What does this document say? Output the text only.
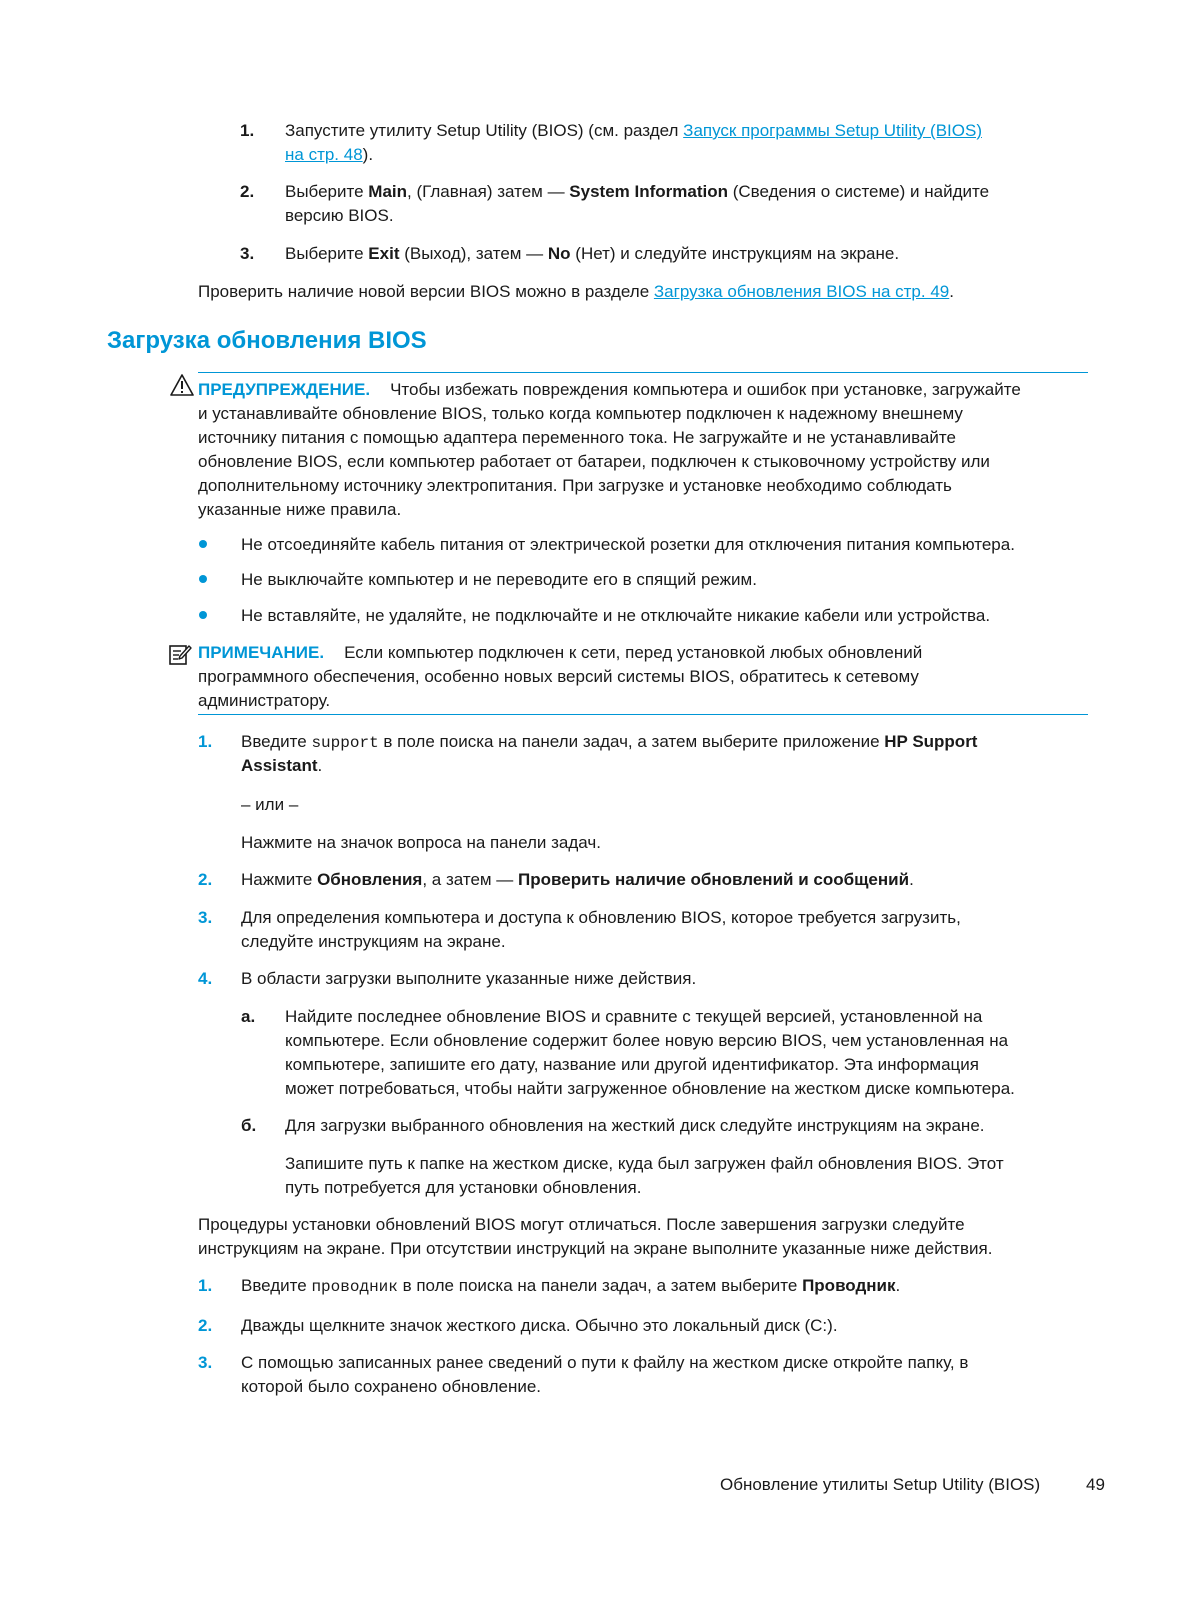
1. Запустите утилиту Setup Utility (BIOS) (см. раздел Запуск программы Setup Utility (BIOS)
на стр. 48).
2. Выберите Main, (Главная) затем — System Information (Сведения о системе) и найдите
версию BIOS.
3. Выберите Exit (Выход), затем — No (Нет) и следуйте инструкциям на экране.
Проверить наличие новой версии BIOS можно в разделе Загрузка обновления BIOS на стр. 49.
Загрузка обновления BIOS
ПРЕДУПРЕЖДЕНИЕ. Чтобы избежать повреждения компьютера и ошибок при установке, загружайте
и устанавливайте обновление BIOS, только когда компьютер подключен к надежному внешнему
источнику питания с помощью адаптера переменного тока. Не загружайте и не устанавливайте
обновление BIOS, если компьютер работает от батареи, подключен к стыковочному устройству или
дополнительному источнику электропитания. При загрузке и установке необходимо соблюдать
указанные ниже правила.
Не отсоединяйте кабель питания от электрической розетки для отключения питания компьютера.
Не выключайте компьютер и не переводите его в спящий режим.
Не вставляйте, не удаляйте, не подключайте и не отключайте никакие кабели или устройства.
ПРИМЕЧАНИЕ. Если компьютер подключен к сети, перед установкой любых обновлений
программного обеспечения, особенно новых версий системы BIOS, обратитесь к сетевому
администратору.
1. Введите support в поле поиска на панели задач, а затем выберите приложение HP Support
Assistant.
– или –
Нажмите на значок вопроса на панели задач.
2. Нажмите Обновления, а затем — Проверить наличие обновлений и сообщений.
3. Для определения компьютера и доступа к обновлению BIOS, которое требуется загрузить,
следуйте инструкциям на экране.
4. В области загрузки выполните указанные ниже действия.
a. Найдите последнее обновление BIOS и сравните с текущей версией, установленной на
компьютере. Если обновление содержит более новую версию BIOS, чем установленная на
компьютере, запишите его дату, название или другой идентификатор. Эта информация
может потребоваться, чтобы найти загруженное обновление на жестком диске компьютера.
б. Для загрузки выбранного обновления на жесткий диск следуйте инструкциям на экране.
Запишите путь к папке на жестком диске, куда был загружен файл обновления BIOS. Этот
путь потребуется для установки обновления.
Процедуры установки обновлений BIOS могут отличаться. После завершения загрузки следуйте
инструкциям на экране. При отсутствии инструкций на экране выполните указанные ниже действия.
1. Введите проводник в поле поиска на панели задач, а затем выберите Проводник.
2. Дважды щелкните значок жесткого диска. Обычно это локальный диск (C:).
3. С помощью записанных ранее сведений о пути к файлу на жестком диске откройте папку, в
которой было сохранено обновление.
Обновление утилиты Setup Utility (BIOS)	49
